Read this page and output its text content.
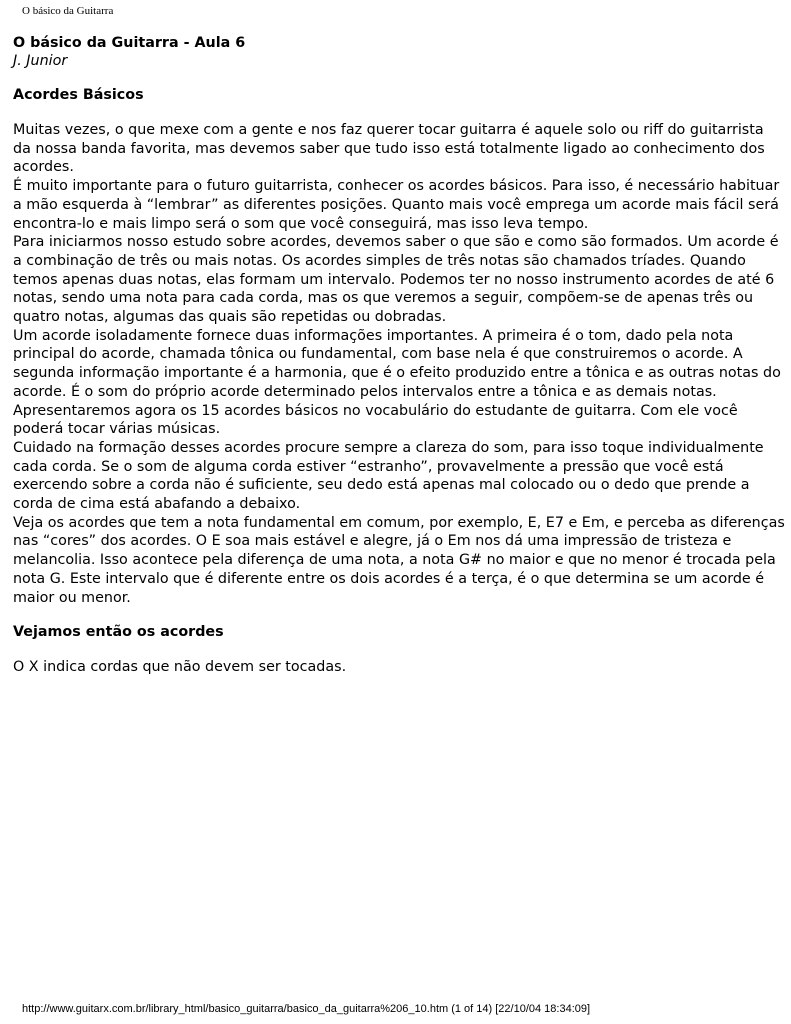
O básico da Guitarra

O básico da Guitarra - Aula 6

J. Junior

Acordes Básicos

Muitas vezes, o que mexe com a gente e nos faz querer tocar guitarra é aquele solo ou riff do guitarrista da nossa banda favorita, mas devemos saber que tudo isso está totalmente ligado ao conhecimento dos acordes.

É muito importante para o futuro guitarrista, conhecer os acordes básicos. Para isso, é necessário habituar a mão esquerda à “lembrar” as diferentes posições. Quanto mais você emprega um acorde mais fácil será encontra-lo e mais limpo será o som que você conseguirá, mas isso leva tempo.

Para iniciarmos nosso estudo sobre acordes, devemos saber o que são e como são formados. Um acorde é a combinação de três ou mais notas. Os acordes simples de três notas são chamados tríades. Quando temos apenas duas notas, elas formam um intervalo. Podemos ter no nosso instrumento acordes de até 6 notas, sendo uma nota para cada corda, mas os que veremos a seguir, compõem-se de apenas três ou quatro notas, algumas das quais são repetidas ou dobradas.

Um acorde isoladamente fornece duas informações importantes. A primeira é o tom, dado pela nota principal do acorde, chamada tônica ou fundamental, com base nela é que construiremos o acorde. A segunda informação importante é a harmonia, que é o efeito produzido entre a tônica e as outras notas do acorde. É o som do próprio acorde determinado pelos intervalos entre a tônica e as demais notas.

Apresentaremos agora os 15 acordes básicos no vocabulário do estudante de guitarra. Com ele você poderá tocar várias músicas.

Cuidado na formação desses acordes procure sempre a clareza do som, para isso toque individualmente cada corda. Se o som de alguma corda estiver “estranho”, provavelmente a pressão que você está exercendo sobre a corda não é suficiente, seu dedo está apenas mal colocado ou o dedo que prende a corda de cima está abafando a debaixo.

Veja os acordes que tem a nota fundamental em comum, por exemplo, E, E7 e Em, e perceba as diferenças nas “cores” dos acordes. O E soa mais estável e alegre, já o Em nos dá uma impressão de tristeza e melancolia. Isso acontece pela diferença de uma nota, a nota G# no maior e que no menor é trocada pela nota G. Este intervalo que é diferente entre os dois acordes é a terça, é o que determina se um acorde é maior ou menor.

Vejamos então os acordes

O X indica cordas que não devem ser tocadas.

http://www.guitarx.com.br/library_html/basico_guitarra/basico_da_guitarra%206_10.htm (1 of 14) [22/10/04 18:34:09]
